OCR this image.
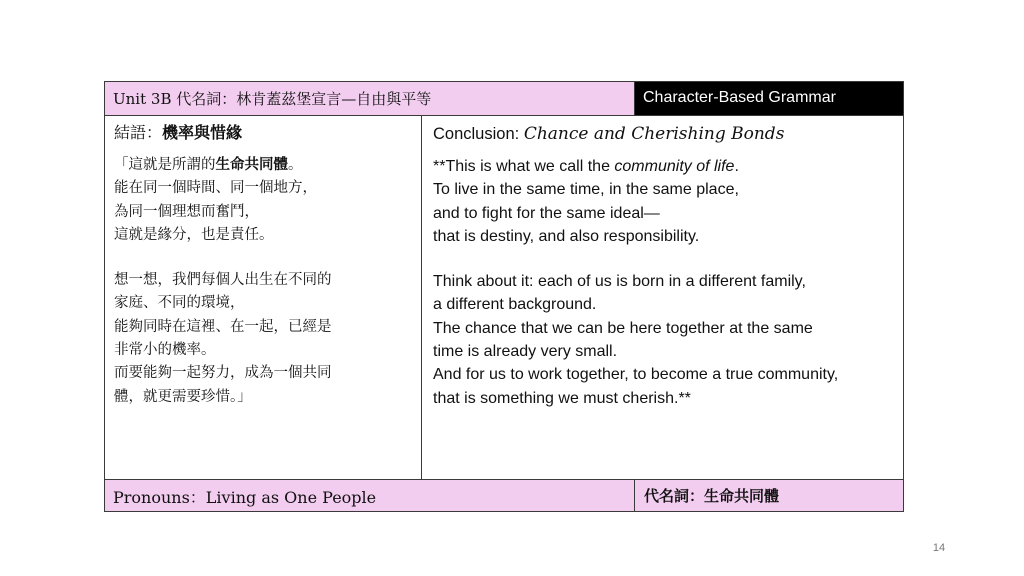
Unit 3B 代名詞：林肯蓋茲堡宣言—自由與平等	Character-Based Grammar
結語：機率與惜緣
「這就是所謂的生命共同體。
能在同一個時間、同一個地方，
為同一個理想而奮鬥，
這就是緣分，也是責任。
想一想，我們每個人出生在不同的
家庭、不同的環境，
能夠同時在這裡、在一起，已經是
非常小的機率。
而要能夠一起努力，成為一個共同
體，就更需要珍惜。」
Conclusion: Chance and Cherishing Bonds
**This is what we call the community of life.
To live in the same time, in the same place,
and to fight for the same ideal—
that is destiny, and also responsibility.
Think about it: each of us is born in a different family,
a different background.
The chance that we can be here together at the same
time is already very small.
And for us to work together, to become a true community,
that is something we must cherish.**
Pronouns：Living as One People	代名詞：生命共同體
14
